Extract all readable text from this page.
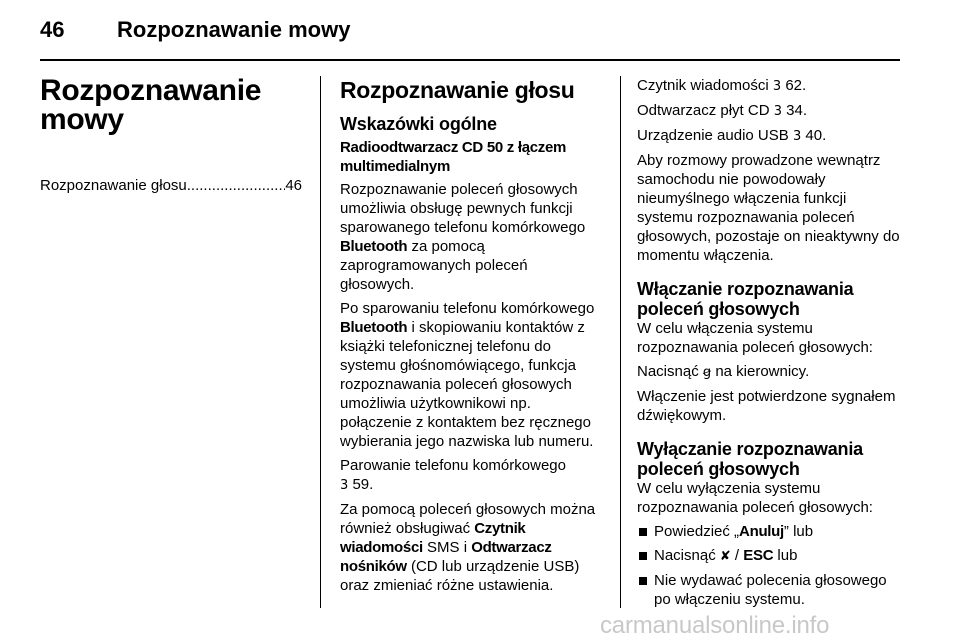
46 Rozpoznawanie mowy
Rozpoznawanie
mowy
Rozpoznawanie głosu
.....	46
Rozpoznawanie głosu
Wskazówki ogólne
Radioodtwarzacz CD 50 z łączem multimedialnym

Rozpoznawanie poleceń głosowych umożliwia obsługę pewnych funkcji sparowanego telefonu komórkowego Bluetooth za pomocą zaprogramowanych poleceń głosowych.

Po sparowaniu telefonu komórkowego Bluetooth i skopiowaniu kontaktów z książki telefonicznej telefonu do systemu głośnomówiącego, funkcja rozpoznawania poleceń głosowych umożliwia użytkownikowi np. połączenie z kontaktem bez ręcznego wybierania jego nazwiska lub numeru.

Parowanie telefonu komórkowego
3 59.

Za pomocą poleceń głosowych można również obsługiwać Czytnik wiadomości SMS i Odtwarzacz nośników (CD lub urządzenie USB) oraz zmieniać różne ustawienia.

Czytnik wiadomości 3 62.

Odtwarzacz płyt CD 3 34.

Urządzenie audio USB 3 40.

Aby rozmowy prowadzone wewnątrz samochodu nie powodowały nieumyślnego włączenia funkcji systemu rozpoznawania poleceń głosowych, pozostaje on nieaktywny do momentu włączenia.

Włączanie rozpoznawania poleceń głosowych

W celu włączenia systemu rozpoznawania poleceń głosowych:

Nacisnąć ꞡ na kierownicy.

Włączenie jest potwierdzone sygnałem dźwiękowym.

Wyłączanie rozpoznawania poleceń głosowych

W celu wyłączenia systemu rozpoznawania poleceń głosowych:

Powiedzieć „Anuluj” lub
Nacisnąć ✘ / ESC lub
Nie wydawać polecenia głosowego po włączeniu systemu.
carmanualsonline.info
